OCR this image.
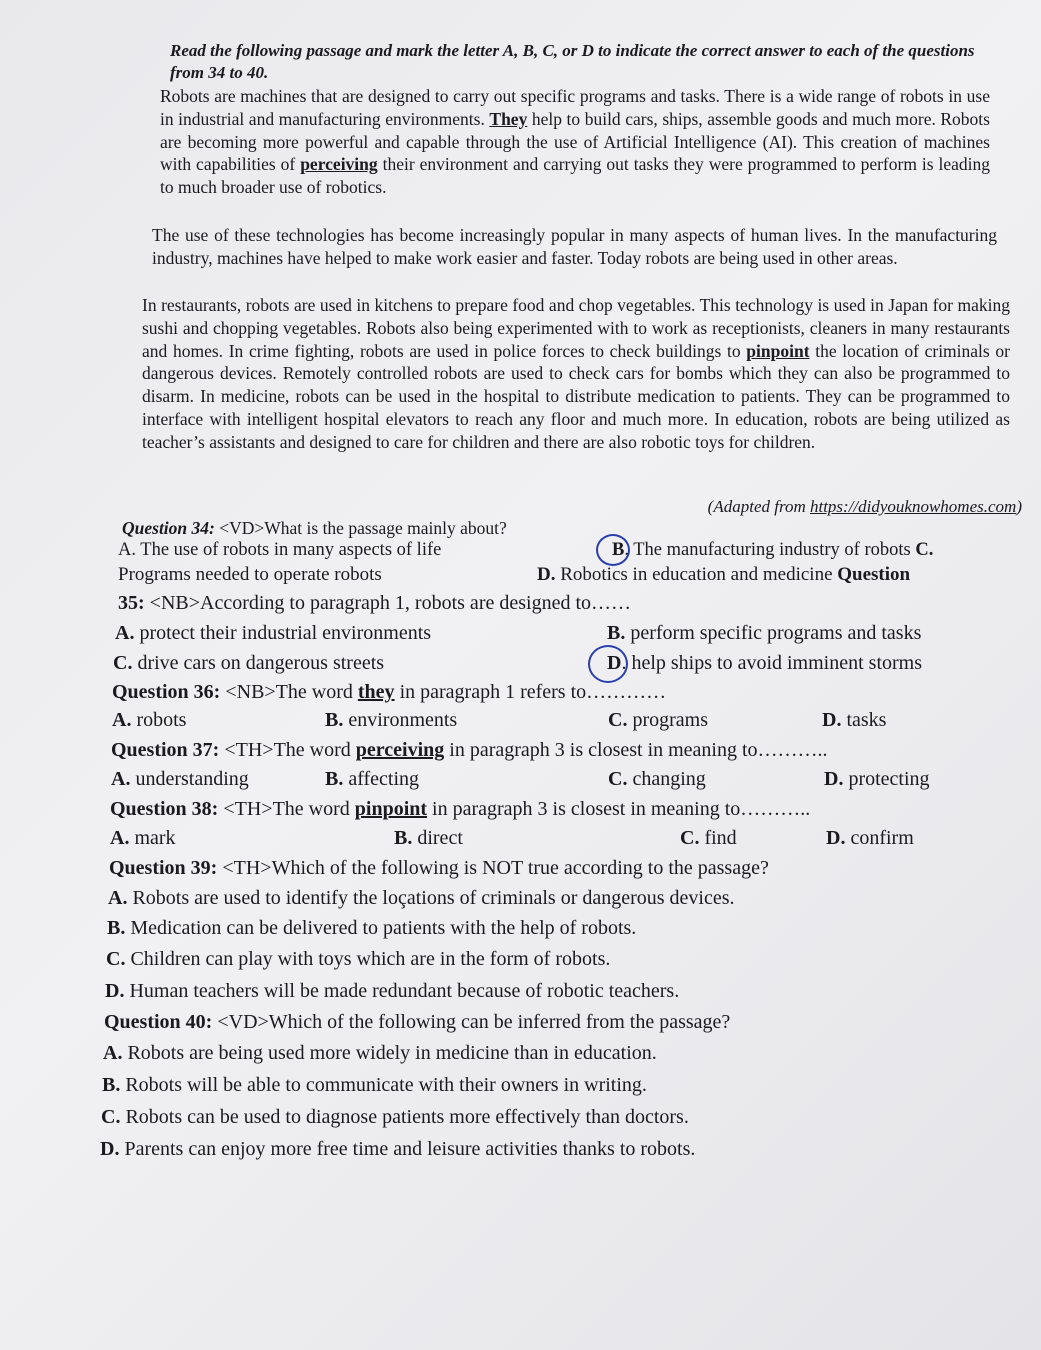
Read the following passage and mark the letter A, B, C, or D to indicate the correct answer to each of the questions from 34 to 40.
Robots are machines that are designed to carry out specific programs and tasks. There is a wide range of robots in use in industrial and manufacturing environments. They help to build cars, ships, assemble goods and much more. Robots are becoming more powerful and capable through the use of Artificial Intelligence (AI). This creation of machines with capabilities of perceiving their environment and carrying out tasks they were programmed to perform is leading to much broader use of robotics.
The use of these technologies has become increasingly popular in many aspects of human lives. In the manufacturing industry, machines have helped to make work easier and faster. Today robots are being used in other areas.
In restaurants, robots are used in kitchens to prepare food and chop vegetables. This technology is used in Japan for making sushi and chopping vegetables. Robots also being experimented with to work as receptionists, cleaners in many restaurants and homes. In crime fighting, robots are used in police forces to check buildings to pinpoint the location of criminals or dangerous devices. Remotely controlled robots are used to check cars for bombs which they can also be programmed to disarm. In medicine, robots can be used in the hospital to distribute medication to patients. They can be programmed to interface with intelligent hospital elevators to reach any floor and much more. In education, robots are being utilized as teacher’s assistants and designed to care for children and there are also robotic toys for children.
(Adapted from https://didyouknowhomes.com)
Question 34: <VD>What is the passage mainly about?
A. The use of robots in many aspects of life	B. The manufacturing industry of robots C.
Programs needed to operate robots	D. Robotics in education and medicine Question
35: <NB>According to paragraph 1, robots are designed to……
A. protect their industrial environments	B. perform specific programs and tasks
C. drive cars on dangerous streets	D. help ships to avoid imminent storms
Question 36: <NB>The word they in paragraph 1 refers to…………
A. robots	B. environments	C. programs	D. tasks
Question 37: <TH>The word perceiving in paragraph 3 is closest in meaning to………..
A. understanding	B. affecting	C. changing	D. protecting
Question 38: <TH>The word pinpoint in paragraph 3 is closest in meaning to………..
A. mark	B. direct	C. find	D. confirm
Question 39: <TH>Which of the following is NOT true according to the passage?
A. Robots are used to identify the loçations of criminals or dangerous devices.
B. Medication can be delivered to patients with the help of robots.
C. Children can play with toys which are in the form of robots.
D. Human teachers will be made redundant because of robotic teachers.
Question 40: <VD>Which of the following can be inferred from the passage?
A. Robots are being used more widely in medicine than in education.
B. Robots will be able to communicate with their owners in writing.
C. Robots can be used to diagnose patients more effectively than doctors.
D. Parents can enjoy more free time and leisure activities thanks to robots.
